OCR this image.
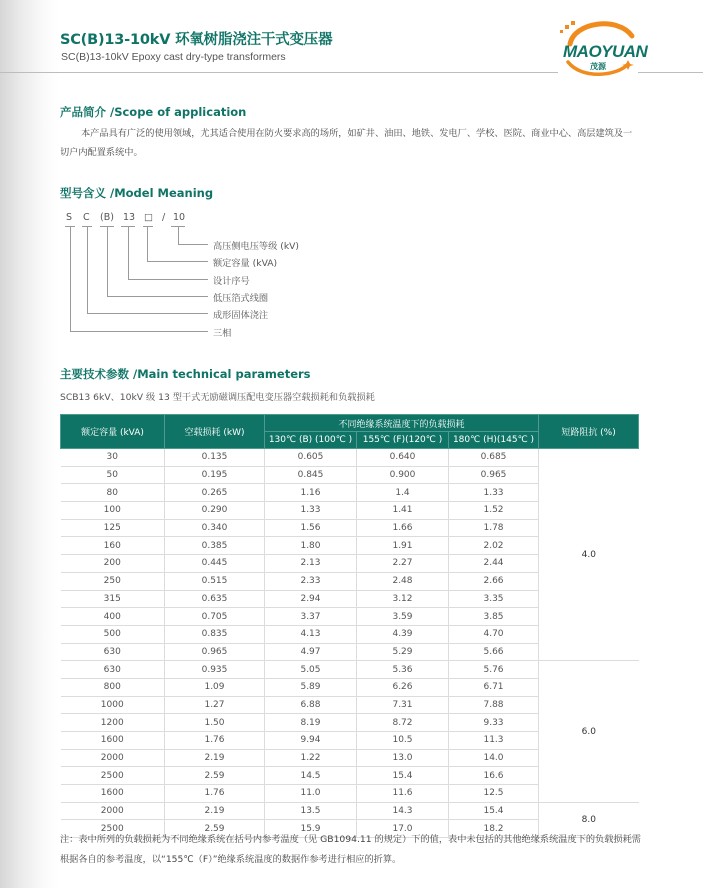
SC(B)13-10kV 环氧树脂浇注干式变压器
SC(B)13-10kV Epoxy cast dry-type transformers	MAOYUAN
茂源
产品简介 /Scope of application
本产品具有广泛的使用领域，尤其适合使用在防火要求高的场所，如矿井、油田、地铁、发电厂、学校、医院、商业中心、高层建筑及一切户内配置系统中。
型号含义 /Model Meaning
S C (B) 13 □ / 10
高压侧电压等级 (kV)
额定容量 (kVA)
设计序号
低压箔式线圈
成形固体浇注
三相
主要技术参数 /Main technical parameters
SCB13 6kV、10kV 级 13 型干式无励磁调压配电变压器空载损耗和负载损耗
额定容量 (kVA)	空载损耗 (kW)	不同绝缘系统温度下的负载损耗			短路阻抗 (%)
		130℃ (B) (100℃ )	155℃ (F)(120℃ )	180℃ (H)(145℃ )	
30	0.135	0.605	0.640	0.685	4.0
50	0.195	0.845	0.900	0.965	
80	0.265	1.16	1.4	1.33	
100	0.290	1.33	1.41	1.52	
125	0.340	1.56	1.66	1.78	
160	0.385	1.80	1.91	2.02	
200	0.445	2.13	2.27	2.44	
250	0.515	2.33	2.48	2.66	
315	0.635	2.94	3.12	3.35	
400	0.705	3.37	3.59	3.85	
500	0.835	4.13	4.39	4.70	
630	0.965	4.97	5.29	5.66	
630	0.935	5.05	5.36	5.76	6.0
800	1.09	5.89	6.26	6.71	
1000	1.27	6.88	7.31	7.88	
1200	1.50	8.19	8.72	9.33	
1600	1.76	9.94	10.5	11.3	
2000	2.19	1.22	13.0	14.0	
2500	2.59	14.5	15.4	16.6	
1600	1.76	11.0	11.6	12.5	
2000	2.19	13.5	14.3	15.4	8.0
2500	2.59	15.9	17.0	18.2	
注：表中所列的负载损耗为不同绝缘系统在括号内参考温度（见 GB1094.11 的规定）下的值，表中未包括的其他绝缘系统温度下的负载损耗需根据各自的参考温度，以“155℃（F）”绝缘系统温度的数据作参考进行相应的折算。
